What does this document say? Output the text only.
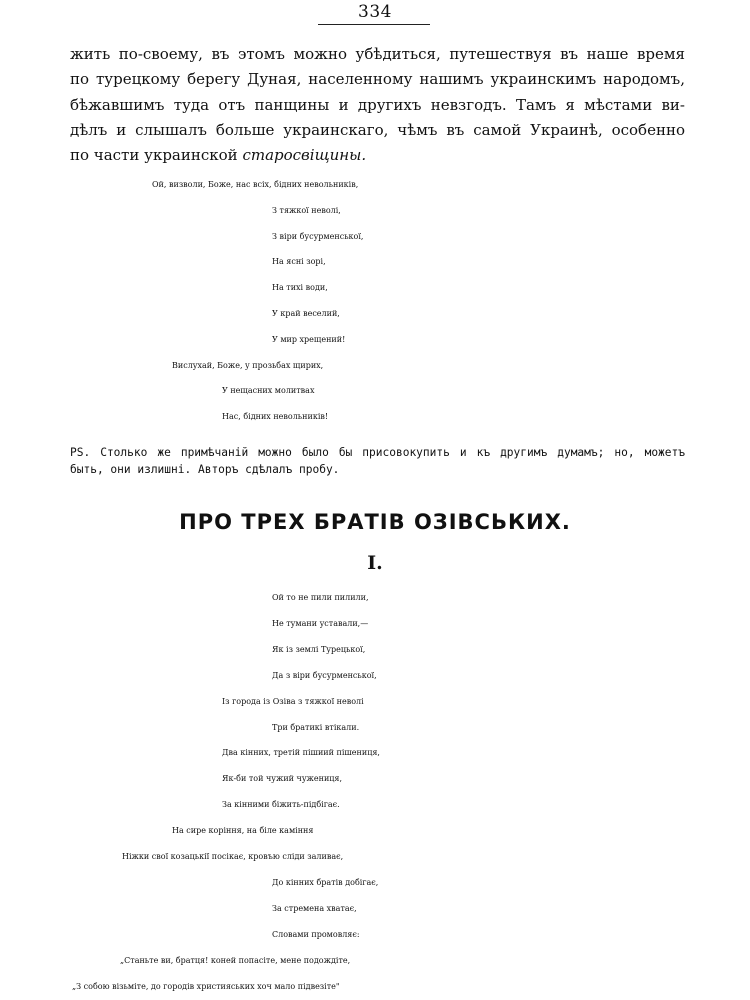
334
жить по-своему, въ этомъ можно убѣдиться, путешествуя въ наше время
по турецкому берегу Дуная, населенному нашимъ украинскимъ народомъ,
бѣжавшимъ туда отъ панщины и другихъ невзгодъ. Тамъ я мѣстами ви-
дѣлъ и слышалъ больше украинскаго, чѣмъ въ самой Украинѣ, особенно
по части украинской старосвіщины.
Ой, визволи, Боже, нас всіх, бідних невольників,
З тяжкої неволі,
З віри бусурменської,
На ясні зорі,
На тихі води,
У край веселий,
У мир хрещений!
Вислухай, Боже, у прозьбах щирих,
У нещасних молитвах
Нас, бідних невольників!
PS. Столько же примѣчаній можно было бы присовокупить и къ другимъ думамъ; но, можетъ
быть, они излишні. Авторъ сдѣлалъ пробу.
ПРО ТРЕХ БРАТІВ ОЗІВСЬКИХ.
I.
Ой то не пили пилили,
Не тумани уставали,—
Як із землі Турецької,
Да з віри бусурменської,
Із города із Озіва з тяжкої неволі
Три братикі втікали.
Два кінних, третій пішиий пішениця,
Як-би той чужий чужениця,
За кінними біжить-підбігає.
На сире коріння, на біле каміння
Ніжки свої козацькії посікає, кровъю сліди заливає,
До кінних братів добігає,
За стремена хватає,
Словами промовляє:
„Станьте ви, братця! коней попасіте, мене подождіте,
„З собою візьміте, до городів християських хоч мало підвезіте"
